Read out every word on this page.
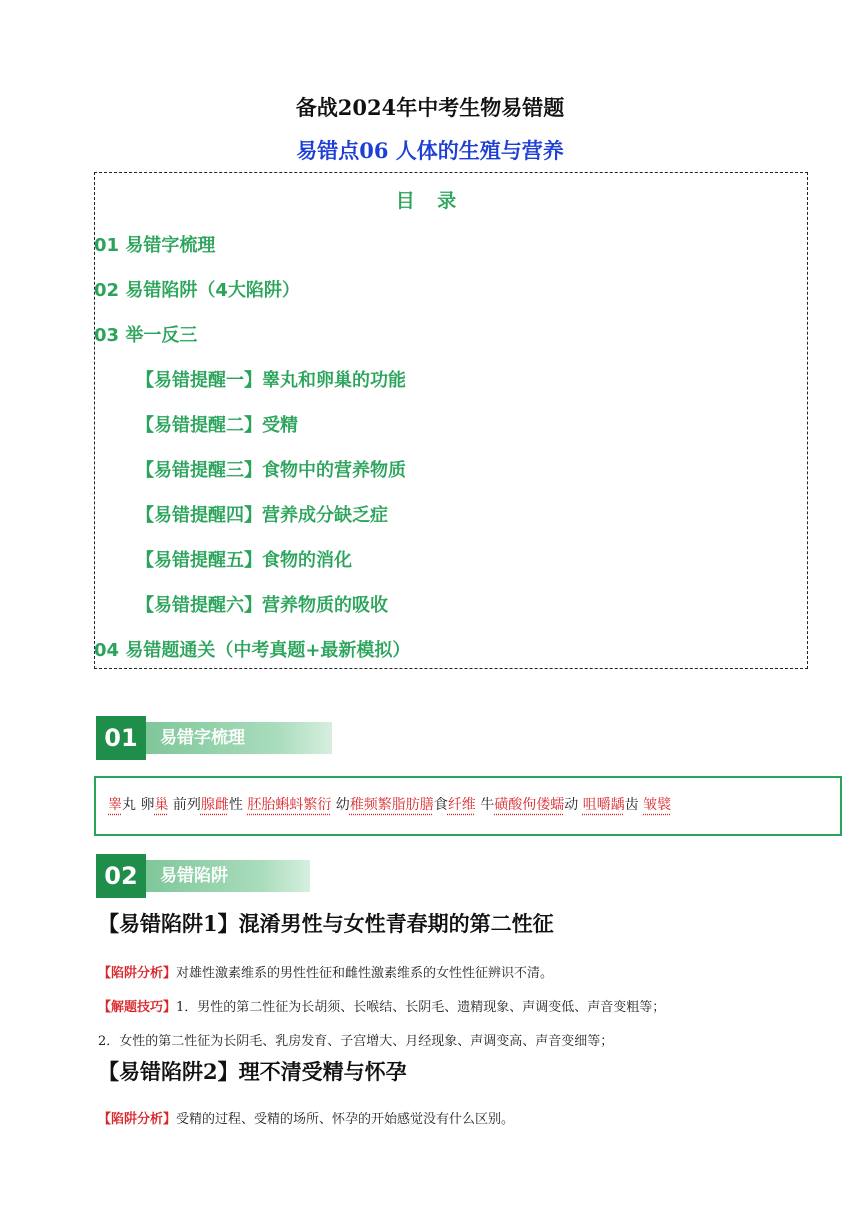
备战2024年中考生物易错题
易错点06 人体的生殖与营养
目 录
01 易错字梳理
02 易错陷阱（4大陷阱）
03 举一反三
【易错提醒一】睾丸和卵巢的功能
【易错提醒二】受精
【易错提醒三】食物中的营养物质
【易错提醒四】营养成分缺乏症
【易错提醒五】食物的消化
【易错提醒六】营养物质的吸收
04 易错题通关（中考真题+最新模拟）
01	易错字梳理
睾丸 卵巢 前列腺雌性 胚胎蝌蚪繁衍 幼稚频繁脂肪膳食纤维 牛磺酸佝偻蠕动 咀嚼龋齿 皱襞
02	易错陷阱
【易错陷阱1】混淆男性与女性青春期的第二性征
【陷阱分析】对雄性激素维系的男性性征和雌性激素维系的女性性征辨识不清。
【解题技巧】1．男性的第二性征为长胡须、长喉结、长阴毛、遗精现象、声调变低、声音变粗等；
2．女性的第二性征为长阴毛、乳房发育、子宫增大、月经现象、声调变高、声音变细等；
【易错陷阱2】理不清受精与怀孕
【陷阱分析】受精的过程、受精的场所、怀孕的开始感觉没有什么区别。
